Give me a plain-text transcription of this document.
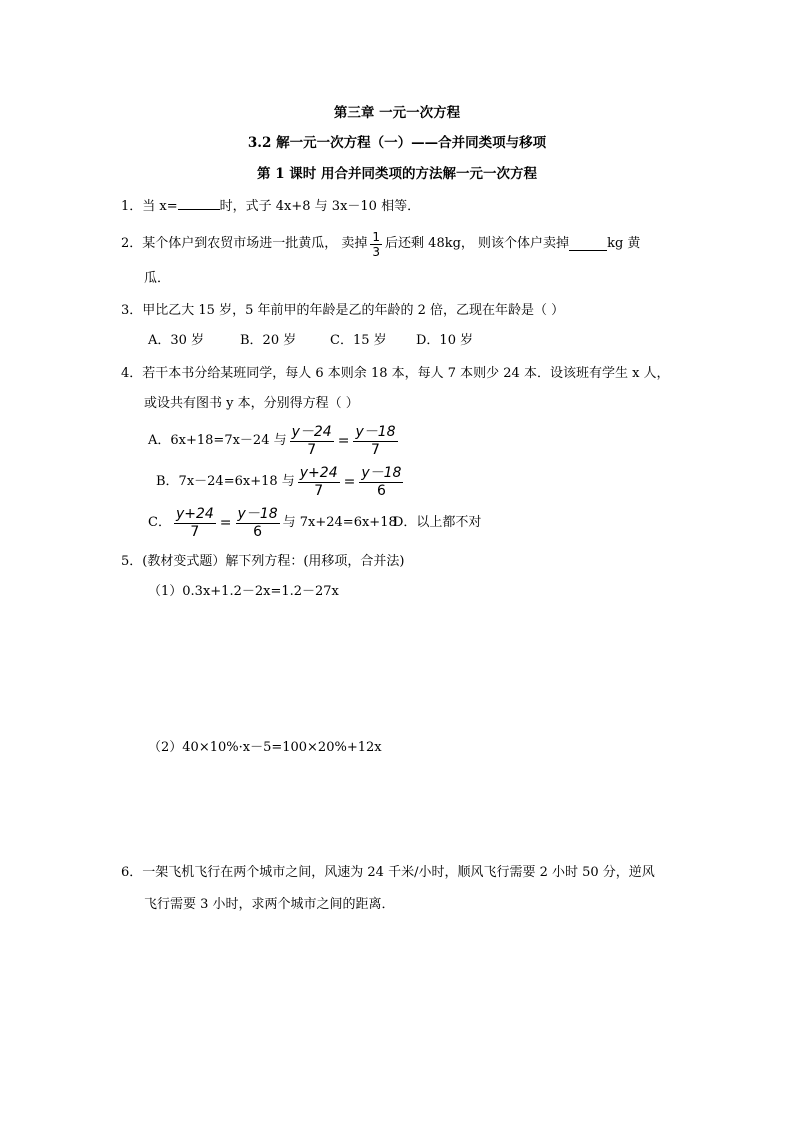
第三章 一元一次方程
3.2 解一元一次方程（一）——合并同类项与移项
第 1 课时 用合并同类项的方法解一元一次方程
1．当 x=	时，式子 4x+8 与 3x－10 相等．
2．某个体户到农贸市场进一批黄瓜， 卖掉 $\frac{1}{3}$ 后还剩 48kg， 则该个体户卖掉	kg 黄
瓜．
3．甲比乙大 15 岁，5 年前甲的年龄是乙的年龄的 2 倍，乙现在年龄是（ ）
A．30 岁	B．20 岁	C．15 岁 D．10 岁
4．若干本书分给某班同学，每人 6 本则余 18 本，每人 7 本则少 24 本．设该班有学生 x 人，
或设共有图书 y 本，分别得方程（ ）
A．6x+18=7x－24 与 $\frac{y-24}{7} = \frac{y-18}{7}$
B．7x－24=6x+18 与 $\frac{y+24}{7} = \frac{y-18}{6}$
C． $\frac{y+24}{7} = \frac{y-18}{6}$ 与 7x+24=6x+18
D．以上都不对
5．(教材变式题）解下列方程：(用移项，合并法)
（1）0.3x+1.2－2x=1.2－27x
（2）40×10%·x－5=100×20%+12x
6．一架飞机飞行在两个城市之间，风速为 24 千米/小时，顺风飞行需要 2 小时 50 分，逆风
飞行需要 3 小时，求两个城市之间的距离．
